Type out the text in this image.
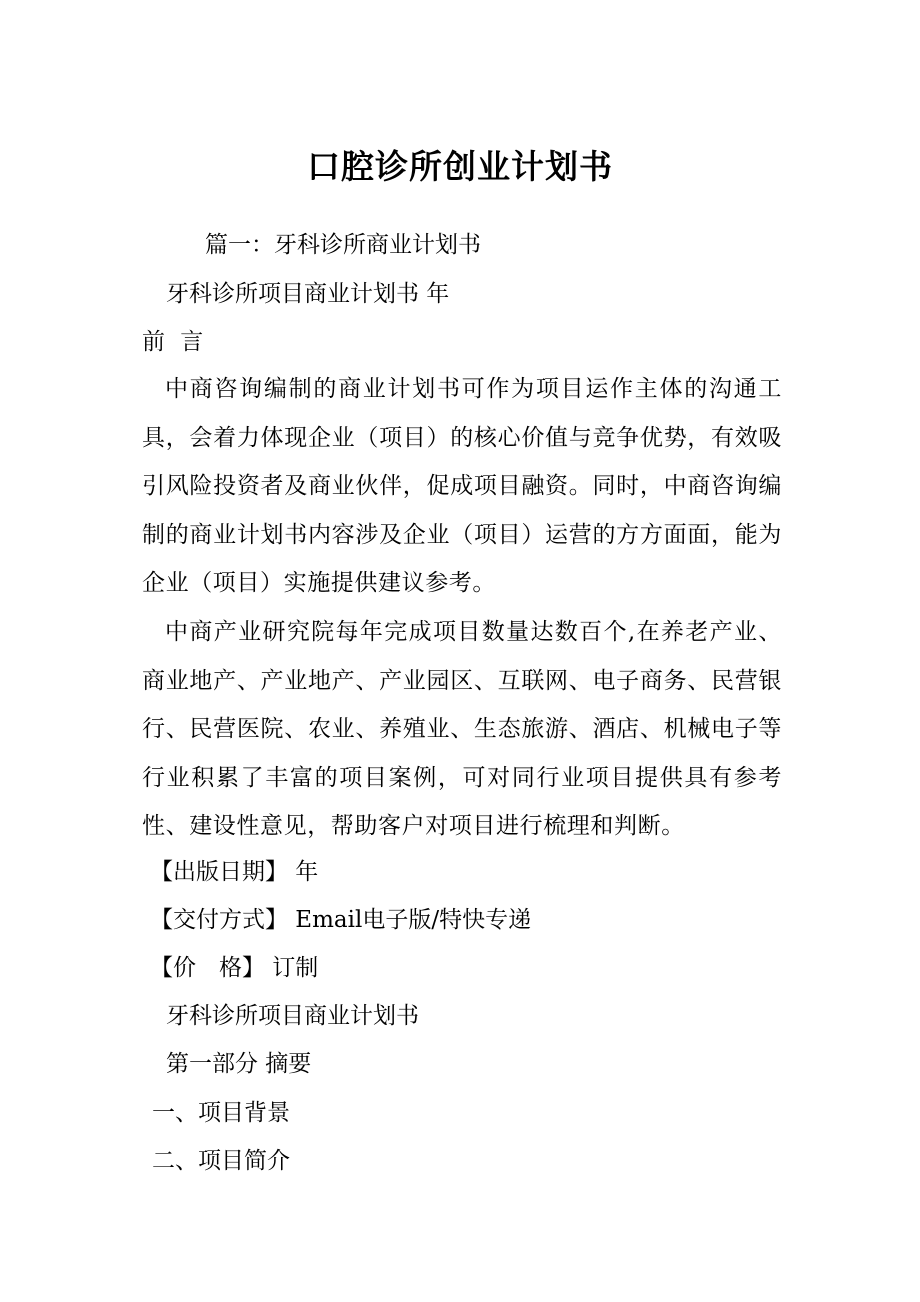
口腔诊所创业计划书
篇一：牙科诊所商业计划书
牙科诊所项目商业计划书 年
前 言

中商咨询编制的商业计划书可作为项目运作主体的沟通工具，会着力体现企业（项目）的核心价值与竞争优势，有效吸引风险投资者及商业伙伴，促成项目融资。同时，中商咨询编制的商业计划书内容涉及企业（项目）运营的方方面面，能为企业（项目）实施提供建议参考。

中商产业研究院每年完成项目数量达数百个,在养老产业、商业地产、产业地产、产业园区、互联网、电子商务、民营银行、民营医院、农业、养殖业、生态旅游、酒店、机械电子等行业积累了丰富的项目案例，可对同行业项目提供具有参考性、建设性意见，帮助客户对项目进行梳理和判断。

【出版日期】 年
【交付方式】 Email电子版/特快专递
【价　格】 订制
牙科诊所项目商业计划书
第一部分 摘要
一、项目背景
二、项目简介
